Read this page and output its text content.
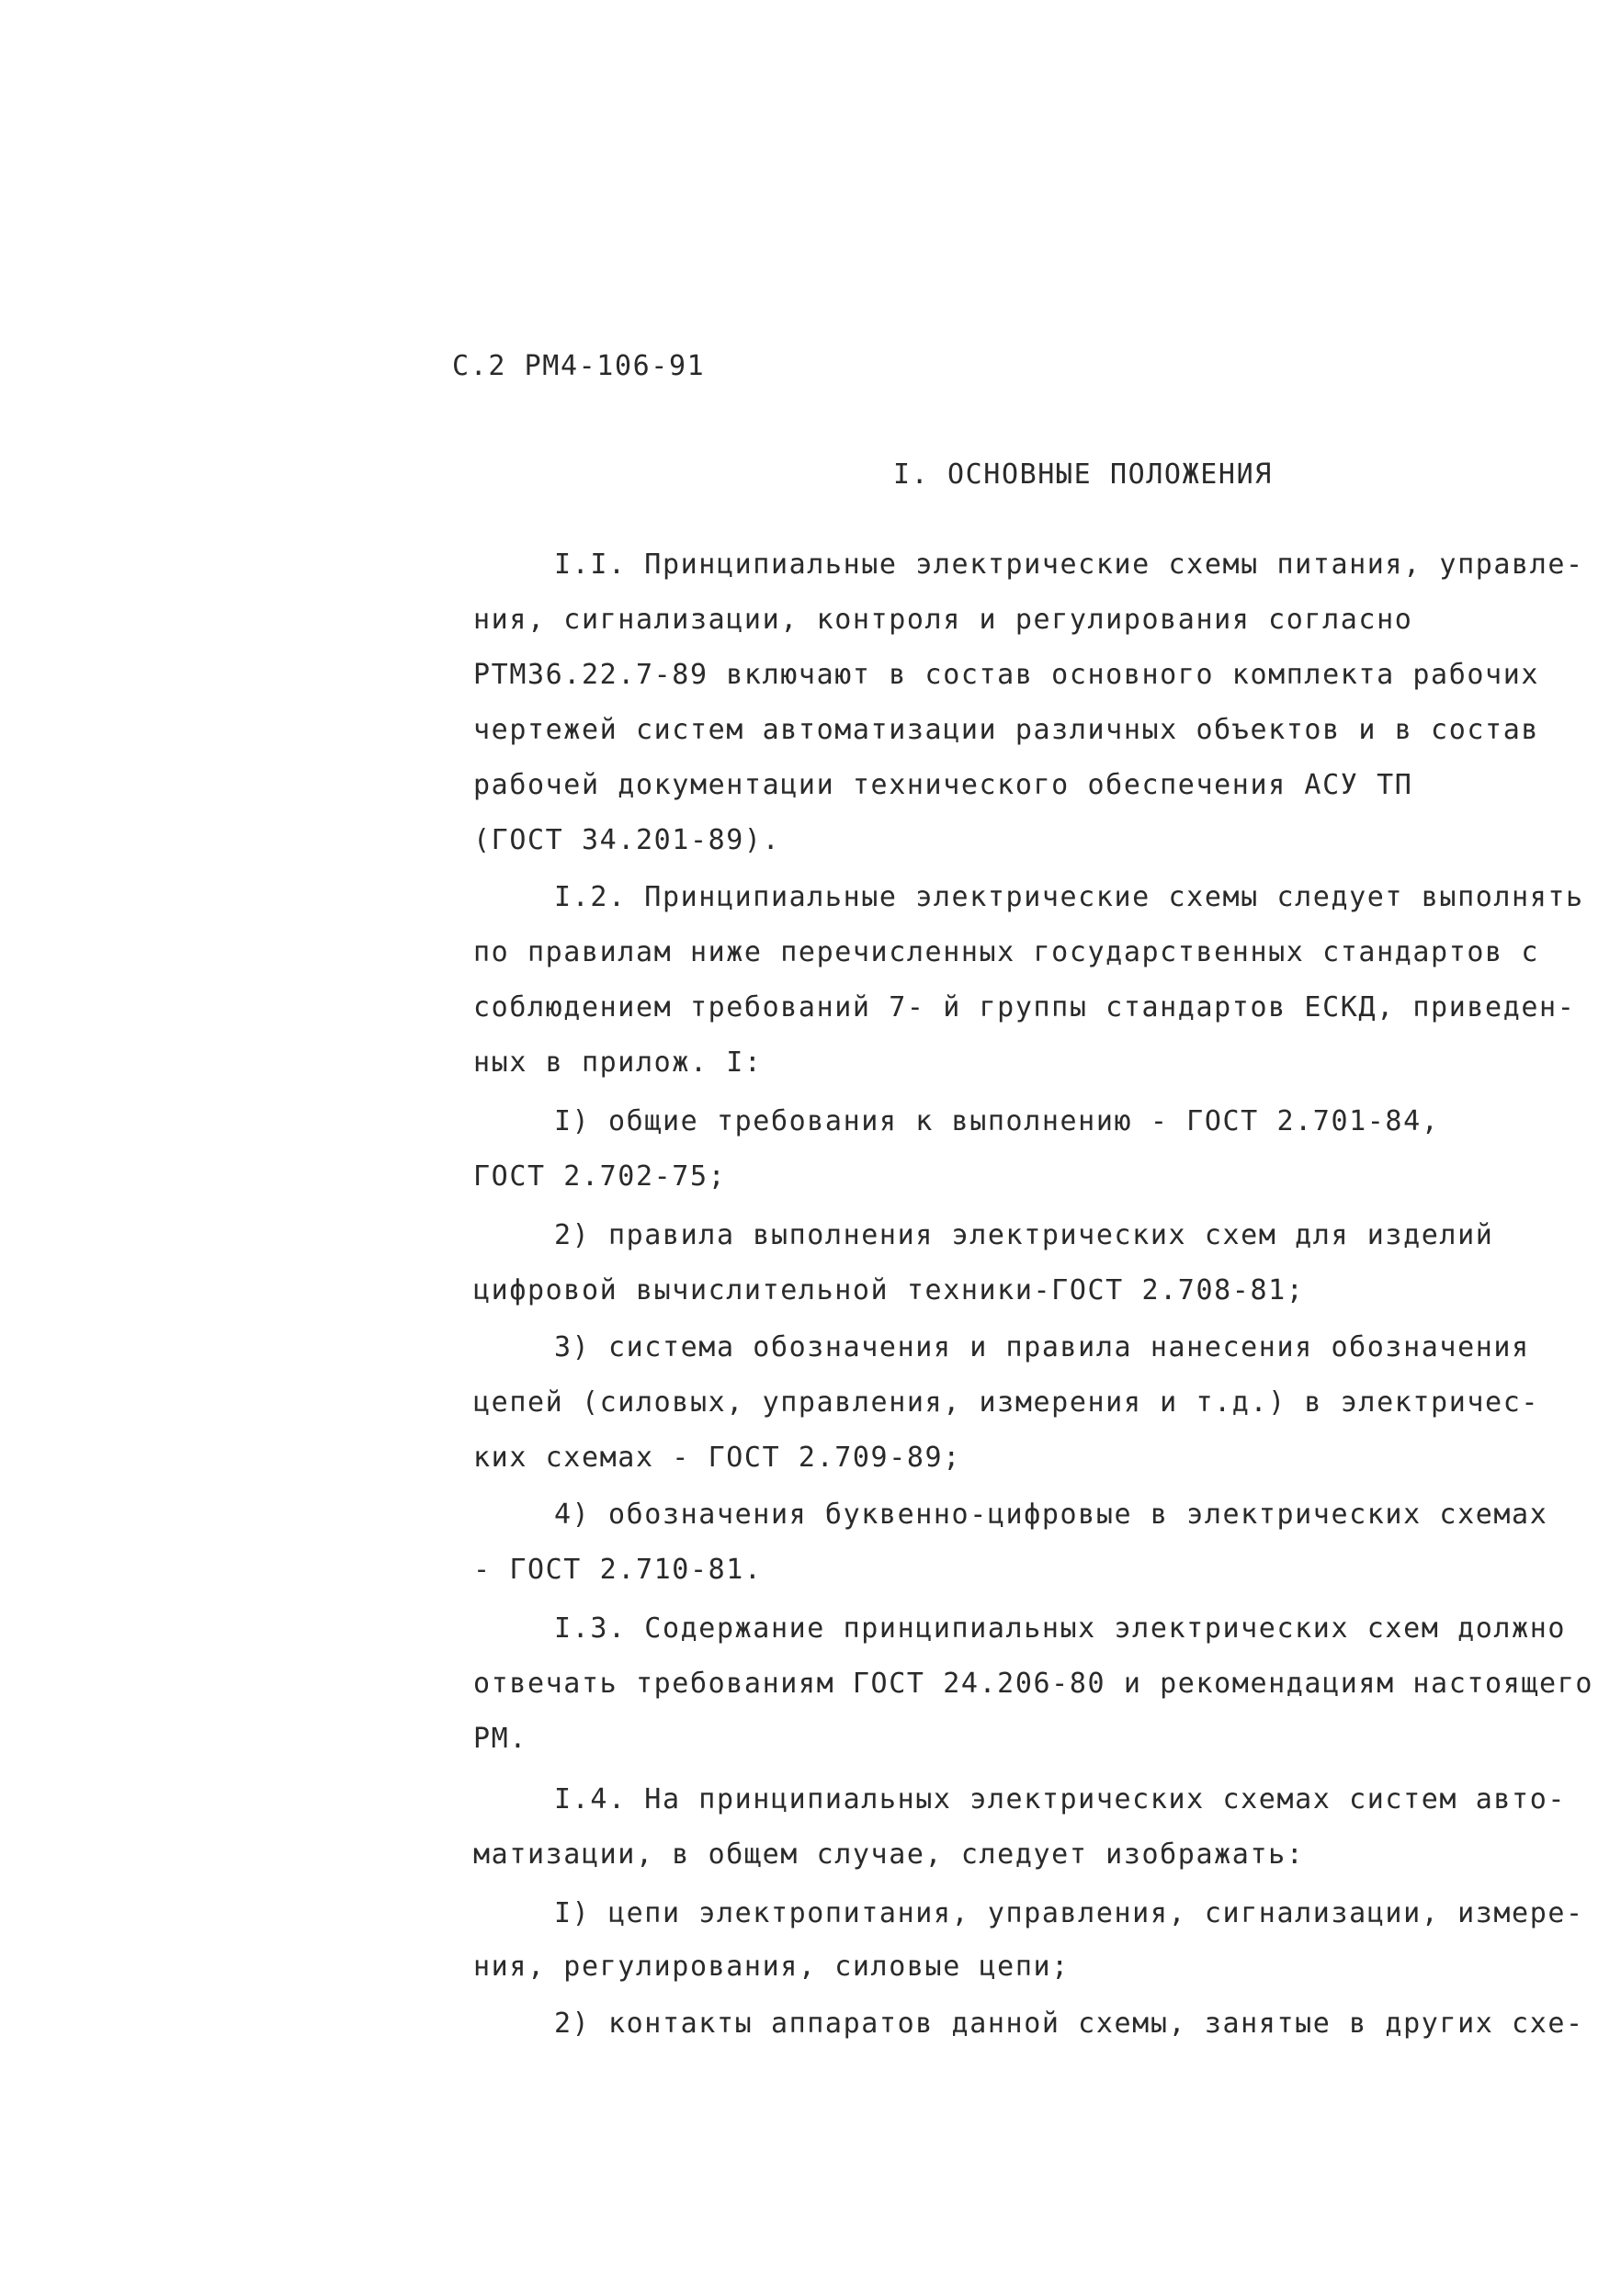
С.2 РМ4-106-91
I. ОСНОВНЫЕ ПОЛОЖЕНИЯ
I.I. Принципиальные электрические схемы питания, управле-
ния, сигнализации, контроля и регулирования согласно
РТМ36.22.7-89 включают в состав основного комплекта рабочих
чертежей систем автоматизации различных объектов и в состав
рабочей документации технического обеспечения АСУ ТП
(ГОСТ 34.201-89).
I.2. Принципиальные электрические схемы следует выполнять
по правилам ниже перечисленных государственных стандартов с
соблюдением требований 7- й группы стандартов ЕСКД, приведен-
ных в прилож. I:
I) общие требования к выполнению - ГОСТ 2.701-84,
ГОСТ 2.702-75;
2) правила выполнения электрических схем для изделий
цифровой вычислительной техники-ГОСТ 2.708-81;
3) система обозначения и правила нанесения обозначения
цепей (силовых, управления, измерения и т.д.) в электричес-
ких схемах - ГОСТ 2.709-89;
4) обозначения буквенно-цифровые в электрических схемах
- ГОСТ 2.710-81.
I.3. Содержание принципиальных электрических схем должно
отвечать требованиям ГОСТ 24.206-80 и рекомендациям настоящего
РМ.
I.4. На принципиальных электрических схемах систем авто-
матизации, в общем случае, следует изображать:
I) цепи электропитания, управления, сигнализации, измере-
ния, регулирования, силовые цепи;
2) контакты аппаратов данной схемы, занятые в других схе-
